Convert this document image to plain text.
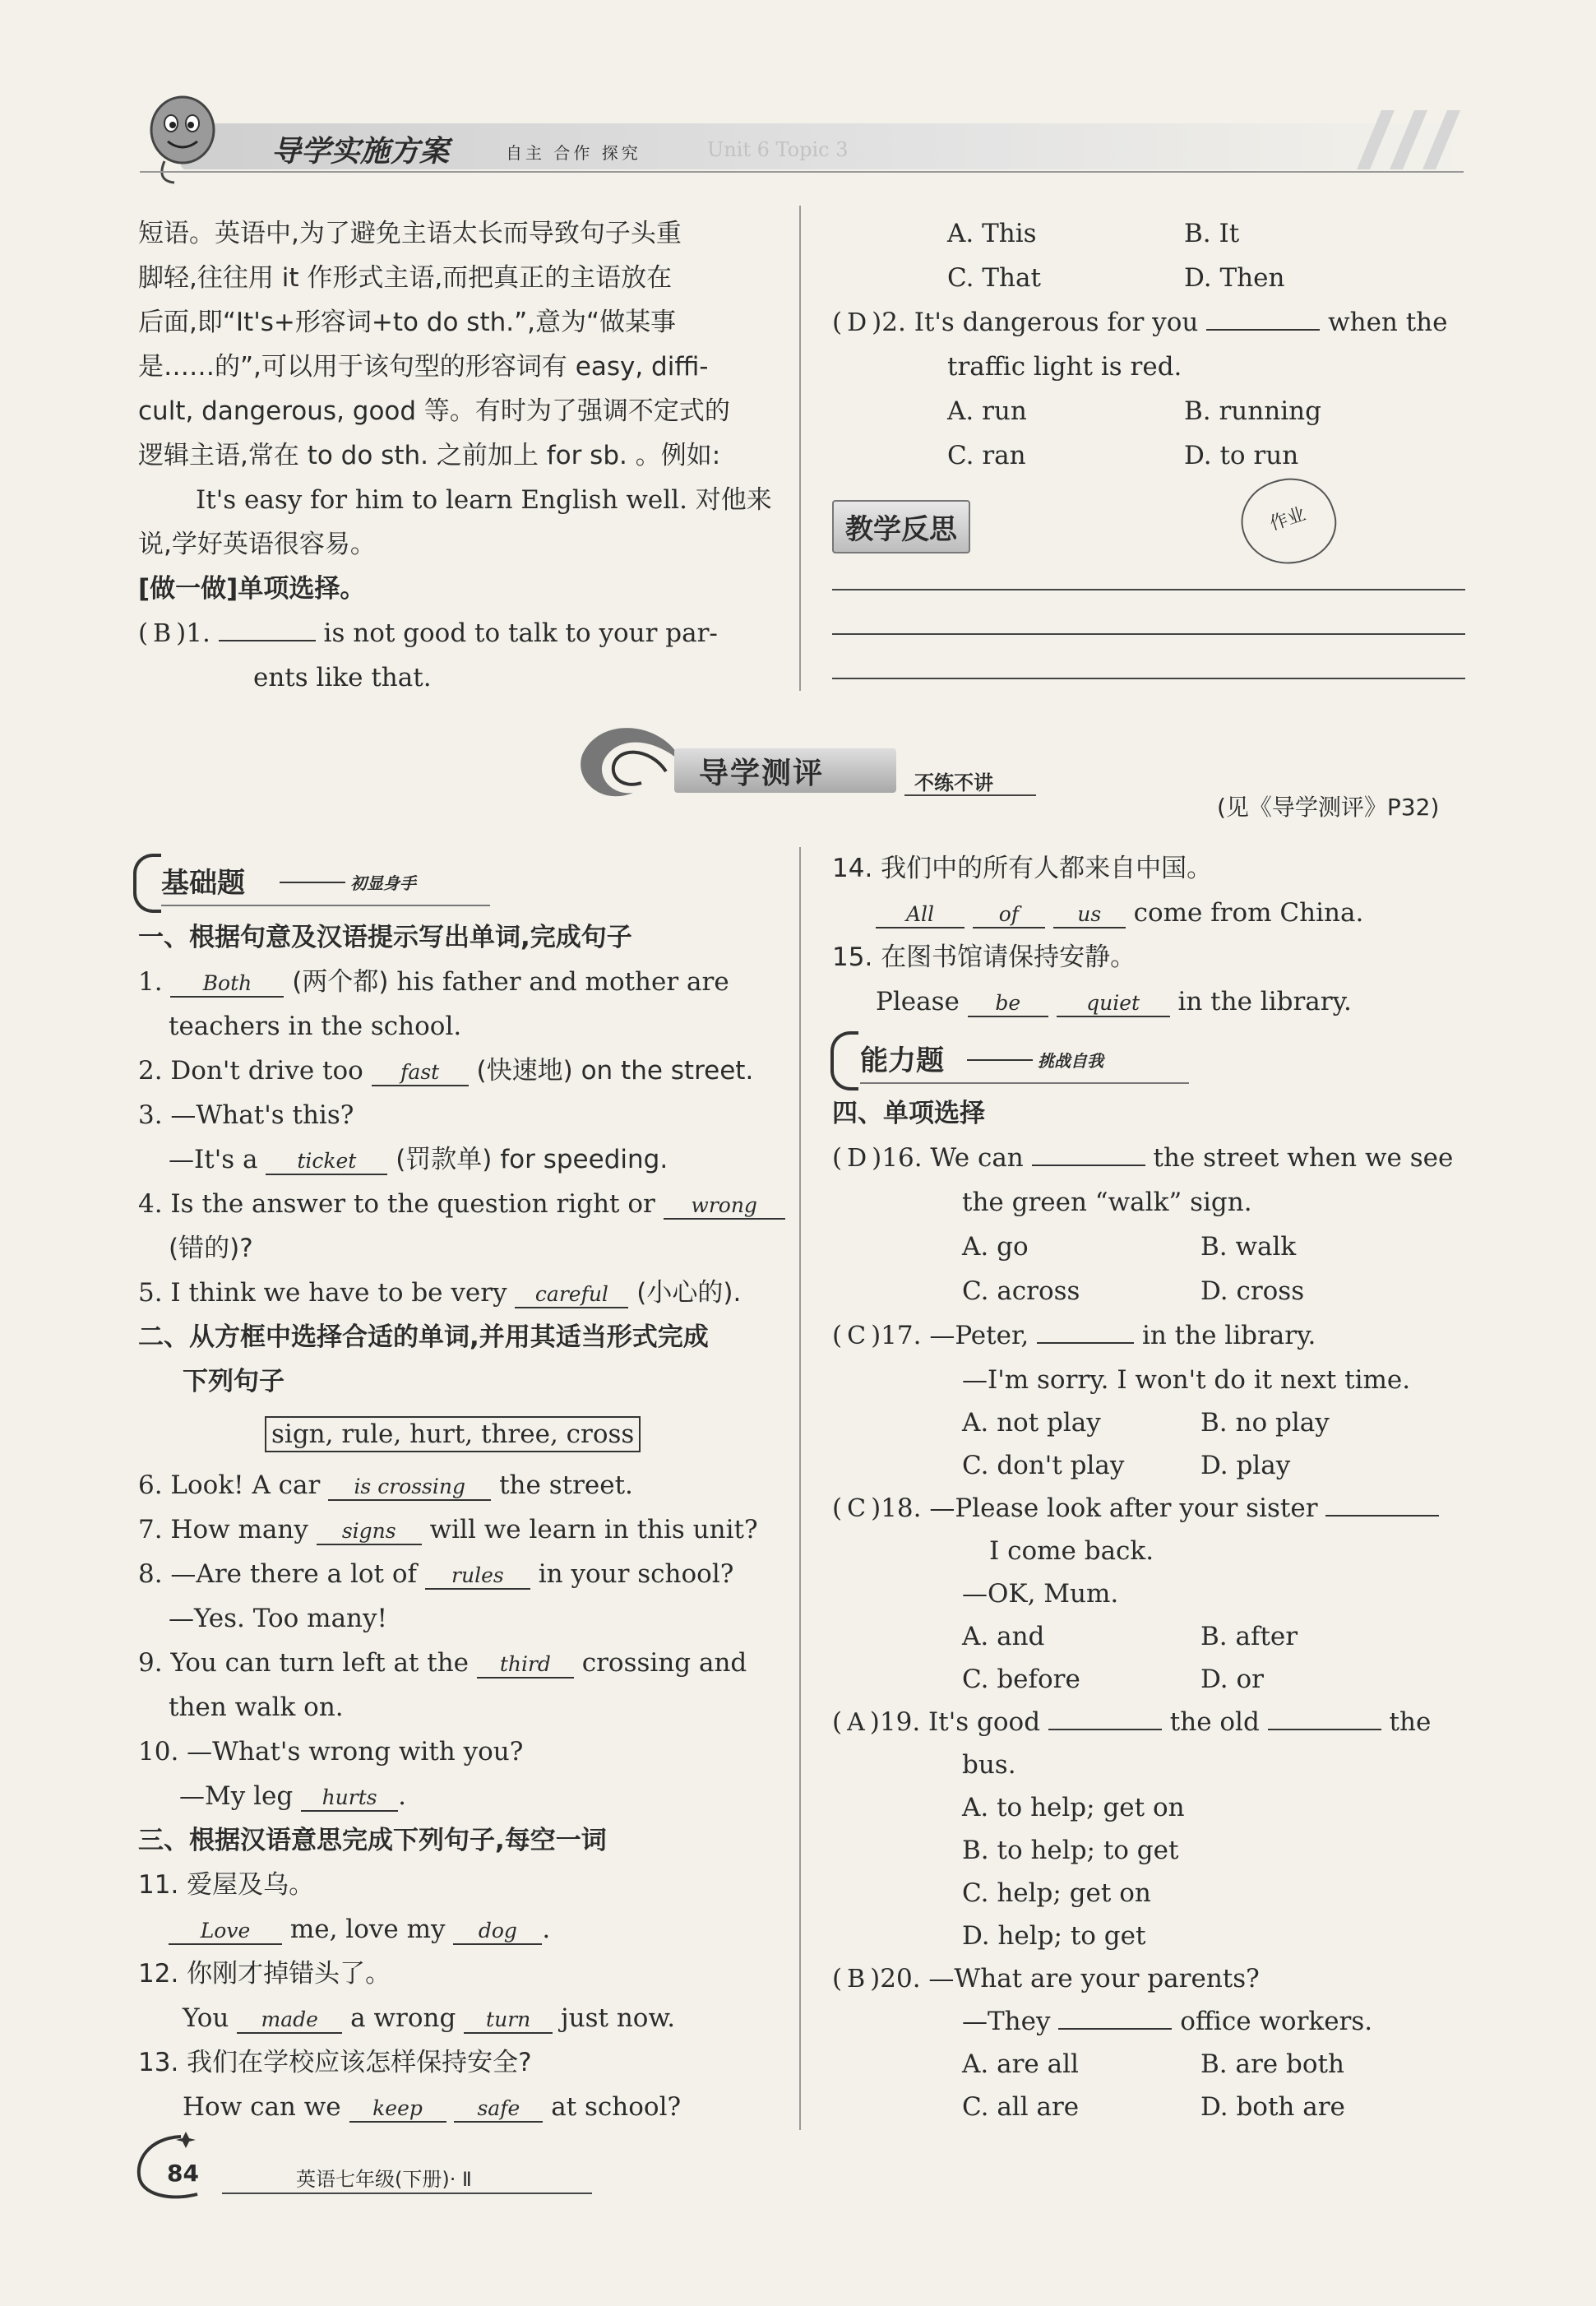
导学实施方案	自主 合作 探究	Unit 6 Topic 3
短语。英语中,为了避免主语太长而导致句子头重
脚轻,往往用 it 作形式主语,而把真正的主语放在
后面,即“It's+形容词+to do sth.”,意为“做某事
是……的”,可以用于该句型的形容词有 easy, diffi-
cult, dangerous, good 等。有时为了强调不定式的
逻辑主语,常在 to do sth. 之前加上 for sb. 。例如:
It's easy for him to learn English well. 对他来
说,学好英语很容易。
[做一做]单项选择。
( B )1.	is not good to talk to your par-
ents like that.
A. This	B. It
C. That	D. Then
( D )2. It's dangerous for you	when the
traffic light is red.
A. run	B. running
C. ran	D. to run
教学反思	作业
导学测评	不练不讲
(见《导学测评》P32)
基础题	初显身手
一、根据句意及汉语提示写出单词,完成句子
1. Both (两个都) his father and mother are
teachers in the school.
2. Don't drive too fast (快速地) on the street.
3. —What's this?
—It's a ticket (罚款单) for speeding.
4. Is the answer to the question right or wrong
(错的)?
5. I think we have to be very careful (小心的).
二、从方框中选择合适的单词,并用其适当形式完成
下列句子
sign, rule, hurt, three, cross
6. Look! A car is crossing the street.
7. How many signs will we learn in this unit?
8. —Are there a lot of rules in your school?
—Yes. Too many!
9. You can turn left at the third crossing and
then walk on.
10. —What's wrong with you?
—My leg hurts .
三、根据汉语意思完成下列句子,每空一词
11. 爱屋及乌。
Love me, love my dog .
12. 你刚才掉错头了。
You made a wrong turn just now.
13. 我们在学校应该怎样保持安全?
How can we keep	safe at school?
14. 我们中的所有人都来自中国。
All	of	us come from China.
15. 在图书馆请保持安静。
Please be	quiet in the library.
能力题	挑战自我
四、单项选择
( D )16. We can	the street when we see
the green “walk” sign.
A. go	B. walk
C. across	D. cross
( C )17. —Peter,	in the library.
—I'm sorry. I won't do it next time.
A. not play	B. no play
C. don't play	D. play
( C )18. —Please look after your sister
I come back.
—OK, Mum.
A. and	B. after
C. before	D. or
( A )19. It's good	the old	the
bus.
A. to help; get on
B. to help; to get
C. help; get on
D. help; to get
( B )20. —What are your parents?
—They	office workers.
A. are all	B. are both
C. all are	D. both are
84	英语七年级(下册)· Ⅱ
